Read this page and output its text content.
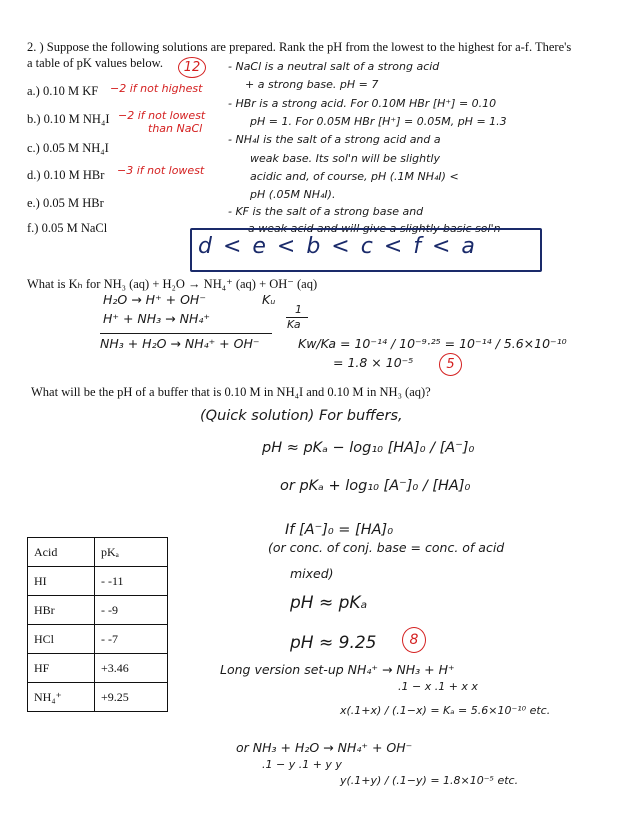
2. ) Suppose the following solutions are prepared. Rank the pH from the lowest to the highest for a-f. There's
a table of pK values below.	12
a.) 0.10 M KF −2 if not highest
b.) 0.10 M NH₄I −2 if not lowest
than NaCl
c.) 0.05 M NH₄I
d.) 0.10 M HBr −3 if not lowest
e.) 0.05 M HBr
f.) 0.05 M NaCl
- NaCl is a neutral salt of a strong acid
+ a strong base. pH = 7
- HBr is a strong acid. For 0.10M HBr [H⁺] = 0.10
pH = 1. For 0.05M HBr [H⁺] = 0.05M, pH = 1.3
- NH₄I is the salt of a strong acid and a
weak base. Its sol'n will be slightly
acidic and, of course, pH (.1M NH₄I) <
pH (.05M NH₄I).
- KF is the salt of a strong base and
a weak acid and will give a slightly basic sol'n
d < e < b < c < f < a
What is Kₕ for NH₃ (aq) + H₂O → NH₄⁺ (aq) + OH⁻ (aq)
H₂O → H⁺ + OH⁻	Kᵤ
H⁺ + NH₃ → NH₄⁺
1
Ka
NH₃ + H₂O → NH₄⁺ + OH⁻	Kw/Ka = 10⁻¹⁴ / 10⁻⁹·²⁵ = 10⁻¹⁴ / 5.6×10⁻¹⁰
= 1.8 × 10⁻⁵	5
What will be the pH of a buffer that is 0.10 M in NH₄I and 0.10 M in NH₃ (aq)?
(Quick solution) For buffers,
pH ≈ pKₐ − log₁₀ [HA]₀ / [A⁻]₀
or pKₐ + log₁₀ [A⁻]₀ / [HA]₀
If [A⁻]₀ = [HA]₀
(or conc. of conj. base = conc. of acid
mixed)
pH ≈ pKₐ
pH ≈ 9.25	8
Long version set-up NH₄⁺ → NH₃ + H⁺
.1 − x .1 + x x
x(.1+x) / (.1−x) = Kₐ = 5.6×10⁻¹⁰ etc.
or NH₃ + H₂O → NH₄⁺ + OH⁻
.1 − y .1 + y y
y(.1+y) / (.1−y) = 1.8×10⁻⁵ etc.
Acid	pKₐ
HI	- -11
HBr	- -9
HCl	- -7
HF	+3.46
NH₄⁺	+9.25
